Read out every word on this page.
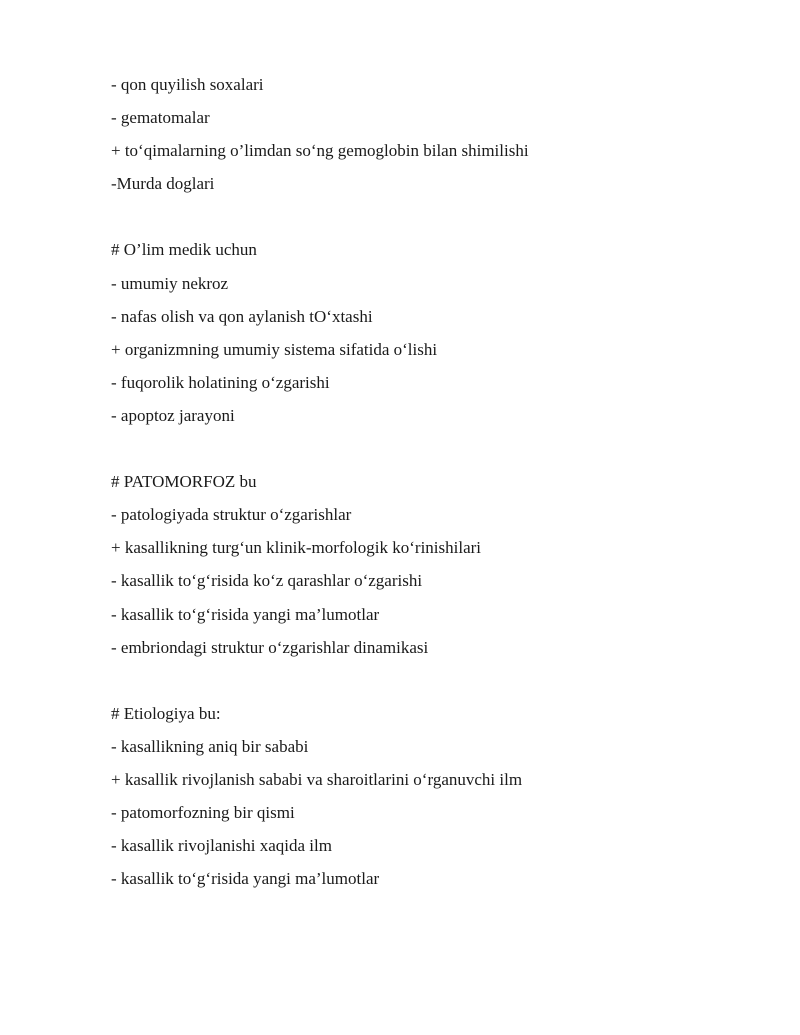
- qon quyilish soxalari
- gematomalar
+ to‘qimalarning o’limdan so‘ng gemoglobin bilan shimilishi
-Murda doglari
# O’lim medik uchun
- umumiy nekroz
- nafas olish va qon aylanish tO‘xtashi
+ organizmning umumiy sistema sifatida o‘lishi
- fuqorolik holatining o‘zgarishi
- apoptoz jarayoni
# PATOMORFOZ bu
- patologiyada struktur o‘zgarishlar
+ kasallikning turg‘un klinik-morfologik ko‘rinishilari
- kasallik to‘g‘risida ko‘z qarashlar o‘zgarishi
- kasallik to‘g‘risida yangi ma’lumotlar
- embriondagi struktur o‘zgarishlar dinamikasi
# Etiologiya bu:
- kasallikning aniq bir sababi
+ kasallik rivojlanish sababi va sharoitlarini o‘rganuvchi ilm
- patomorfozning bir qismi
- kasallik rivojlanishi xaqida ilm
- kasallik to‘g‘risida yangi ma’lumotlar
